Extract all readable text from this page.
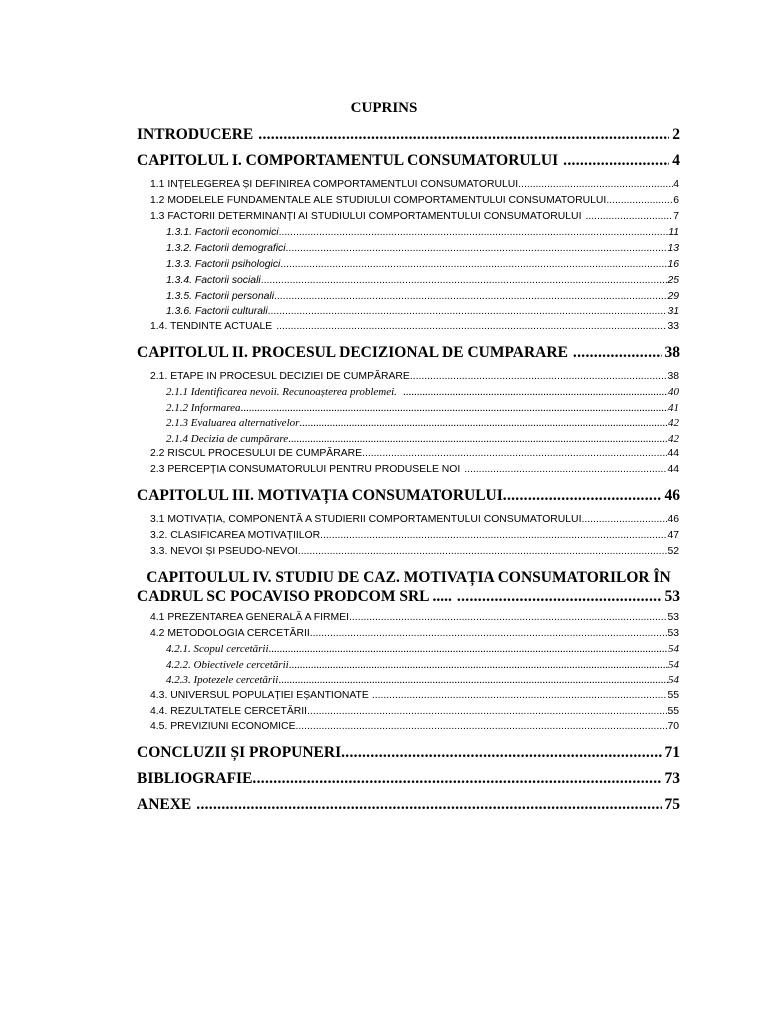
CUPRINS
INTRODUCERE .....	2
CAPITOLUL I. COMPORTAMENTUL CONSUMATORULUI .....	4
1.1 INȚELEGEREA ȘI DEFINIREA COMPORTAMENTLUI CONSUMATORULUI .....	4
1.2 MODELELE FUNDAMENTALE ALE STUDIULUI COMPORTAMENTULUI CONSUMATORULUI .....	6
1.3 FACTORII DETERMINANȚI AI STUDIULUI COMPORTAMENTULUI CONSUMATORULUI .....	7
1.3.1. Factorii economici .....	11
1.3.2. Factorii demografici .....	13
1.3.3. Factorii psihologici .....	16
1.3.4. Factorii sociali .....	25
1.3.5. Factorii personali .....	29
1.3.6. Factorii culturali .....	31
1.4. TENDINTE ACTUALE .....	33
CAPITOLUL II. PROCESUL DECIZIONAL DE CUMPARARE .....	38
2.1. ETAPE IN PROCESUL DECIZIEI DE CUMPĂRARE .....	38
2.1.1 Identificarea nevoii. Recunoașterea problemei. .....	40
2.1.2 Informarea .....	41
2.1.3 Evaluarea alternativelor .....	42
2.1.4 Decizia de cumpărare .....	42
2.2 RISCUL PROCESULUI DE CUMPĂRARE .....	44
2.3 PERCEPȚIA CONSUMATORULUI PENTRU PRODUSELE NOI .....	44
CAPITOLUL III. MOTIVAȚIA CONSUMATORULUI .....	46
3.1 MOTIVAȚIA, COMPONENTĂ A STUDIERII COMPORTAMENTULUI CONSUMATORULUI .....	46
3.2. CLASIFICAREA MOTIVAȚIILOR .....	47
3.3. NEVOI ȘI PSEUDO-NEVOI .....	52
CAPITOULUL IV. STUDIU DE CAZ. MOTIVAȚIA CONSUMATORILOR ÎN
CADRUL SC POCAVISO PRODCOM SRL ..... .....	53
4.1 PREZENTAREA GENERALĂ A FIRMEI .....	53
4.2 METODOLOGIA CERCETĂRII .....	53
4.2.1. Scopul cercetării .....	54
4.2.2. Obiectivele cercetării .....	54
4.2.3. Ipotezele cercetării .....	54
4.3. UNIVERSUL POPULAȚIEI EȘANTIONATE .....	55
4.4. REZULTATELE CERCETĂRII .....	55
4.5. PREVIZIUNI ECONOMICE .....	70
CONCLUZII ȘI PROPUNERI .....	71
BIBLIOGRAFIE .....	73
ANEXE .....	75
